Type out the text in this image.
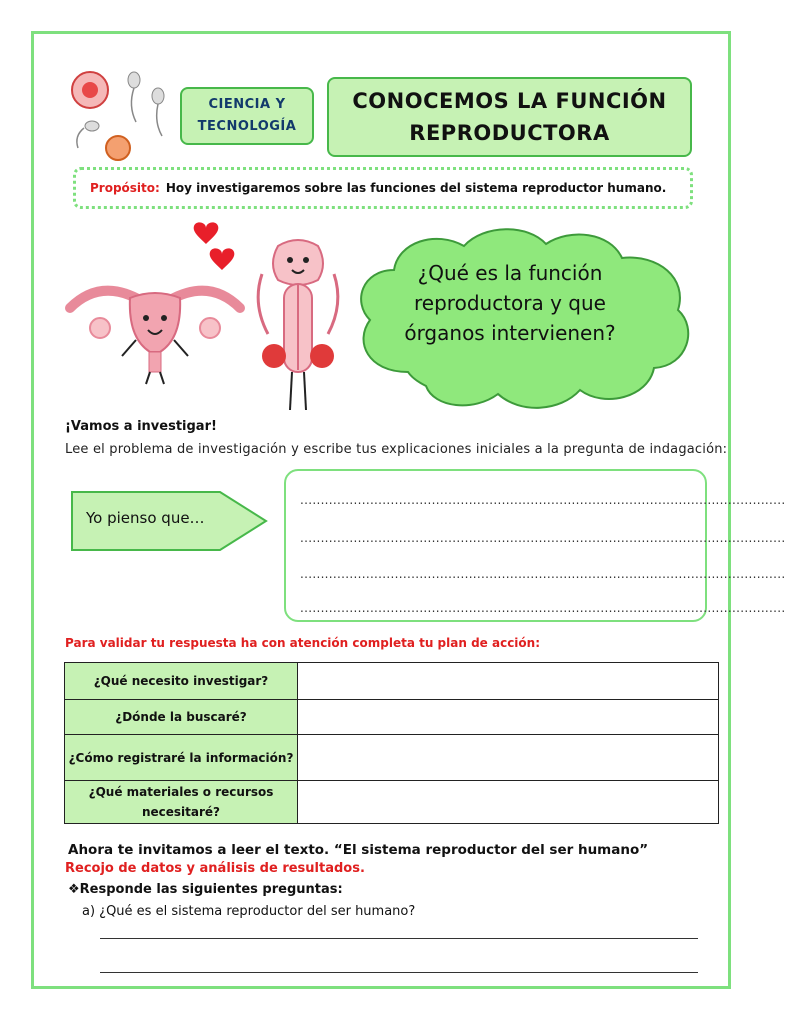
CIENCIA Y TECNOLOGÍA
CONOCEMOS LA FUNCIÓN REPRODUCTORA
Propósito: Hoy investigaremos sobre las funciones del sistema reproductor humano.
¿Qué es la función reproductora y que órganos intervienen?
¡Vamos a investigar!
Lee el problema de investigación y escribe tus explicaciones iniciales a la pregunta de indagación:
Yo pienso que…
......................................................................................................................
......................................................................................................................
......................................................................................................................
......................................................................................................................
Para validar tu respuesta ha con atención completa tu plan de acción:
¿Qué necesito investigar?	
¿Dónde la buscaré?	
¿Cómo registraré la información?	
¿Qué materiales o recursos necesitaré?	
Ahora te invitamos a leer el texto. “El sistema reproductor del ser humano”
Recojo de datos y análisis de resultados.
❖Responde las siguientes preguntas:
a) ¿Qué es el sistema reproductor del ser humano?
